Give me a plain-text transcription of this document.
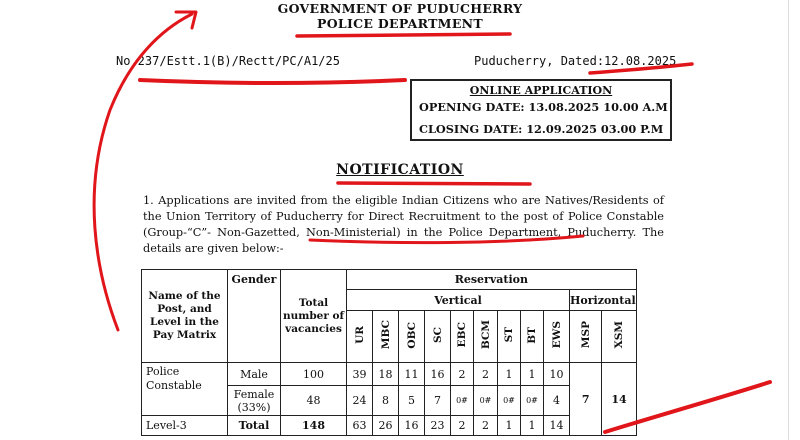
GOVERNMENT OF PUDUCHERRY
POLICE DEPARTMENT
No.237/Estt.1(B)/Rectt/PC/A1/25	Puducherry, Dated:12.08.2025
ONLINE APPLICATION
OPENING DATE: 13.08.2025 10.00 A.M
CLOSING DATE: 12.09.2025 03.00 P.M
NOTIFICATION

1. Applications are invited from the eligible Indian Citizens who are Natives/Residents of the Union Territory of Puducherry for Direct Recruitment to the post of Police Constable (Group-“C”- Non-Gazetted, Non-Ministerial) in the Police Department, Puducherry. The details are given below:-

Name of the Post, and Level in the Pay Matrix	Gender	Total number of vacancies	Reservation										
			Vertical									Horizontal	
			UR	MBC	OBC	SC	EBC	BCM	ST	BT	EWS	MSP	XSM
Police Constable	Male	100	39	18	11	16	2	2	1	1	10	7	14
	Female (33%)	48	24	8	5	7	0#	0#	0#	0#	4		
Level-3	Total	148	63	26	16	23	2	2	1	1	14		
